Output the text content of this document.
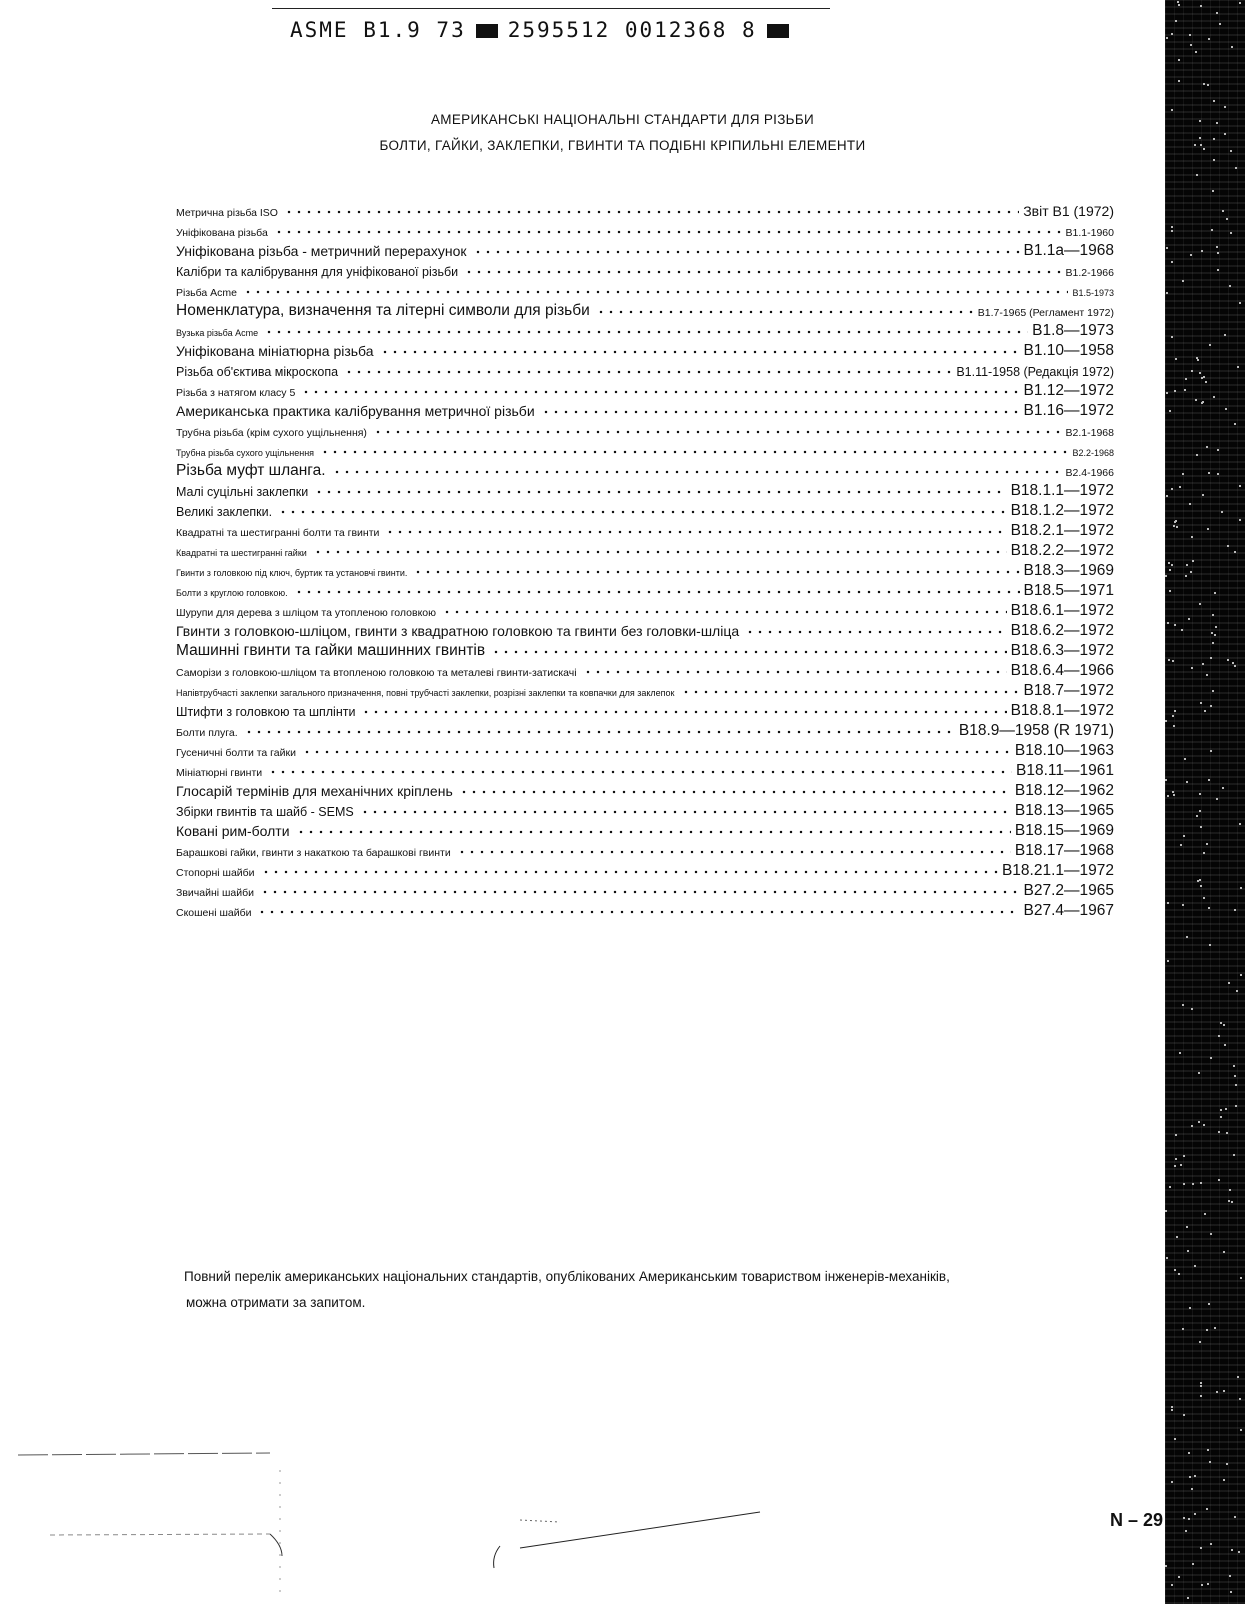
ASME B1.9 73 2595512 0012368 8
АМЕРИКАНСЬКІ НАЦІОНАЛЬНІ СТАНДАРТИ ДЛЯ РІЗЬБИ
БОЛТИ, ГАЙКИ, ЗАКЛЕПКИ, ГВИНТИ ТА ПОДІБНІ КРІПИЛЬНІ ЕЛЕМЕНТИ
Метрична різьба ISO	Звіт B1 (1972)
Уніфікована різьба	B1.1-1960
Уніфікована різьба - метричний перерахунок	B1.1a—1968
Калібри та калібрування для уніфікованої різьби	B1.2-1966
Різьба Acme	B1.5-1973
Номенклатура, визначення та літерні символи для різьби	B1.7-1965 (Регламент 1972)
Вузька різьба Acme	B1.8—1973
Уніфікована мініатюрна різьба	B1.10—1958
Різьба об'єктива мікроскопа	B1.11-1958 (Редакція 1972)
Різьба з натягом класу 5	B1.12—1972
Американська практика калібрування метричної різьби	B1.16—1972
Трубна різьба (крім сухого ущільнення)	B2.1-1968
Трубна різьба сухого ущільнення	B2.2-1968
Різьба муфт шланга.	B2.4-1966
Малі суцільні заклепки	B18.1.1—1972
Великі заклепки.	B18.1.2—1972
Квадратні та шестигранні болти та гвинти	B18.2.1—1972
Квадратні та шестигранні гайки	B18.2.2—1972
Гвинти з головкою під ключ, буртик та установчі гвинти.	B18.3—1969
Болти з круглою головкою.	B18.5—1971
Шурупи для дерева з шліцом та утопленою головкою	B18.6.1—1972
Гвинти з головкою-шліцом, гвинти з квадратною головкою та гвинти без головки-шліца	B18.6.2—1972
Машинні гвинти та гайки машинних гвинтів	B18.6.3—1972
Саморізи з головкою-шліцом та втопленою головкою та металеві гвинти-затискачі	B18.6.4—1966
Напівтрубчасті заклепки загального призначення, повні трубчасті заклепки, розрізні заклепки та ковпачки для заклепок	B18.7—1972
Штифти з головкою та шплінти	B18.8.1—1972
Болти плуга.	B18.9—1958 (R 1971)
Гусеничні болти та гайки	B18.10—1963
Мініатюрні гвинти	B18.11—1961
Глосарій термінів для механічних кріплень	B18.12—1962
Збірки гвинтів та шайб - SEMS	B18.13—1965
Ковані рим-болти	B18.15—1969
Барашкові гайки, гвинти з накаткою та барашкові гвинти	B18.17—1968
Стопорні шайби	B18.21.1—1972
Звичайні шайби	B27.2—1965
Скошені шайби	B27.4—1967
Повний перелік американських національних стандартів, опублікованих Американським товариством інженерів-механіків,
можна отримати за запитом.
N – 29
